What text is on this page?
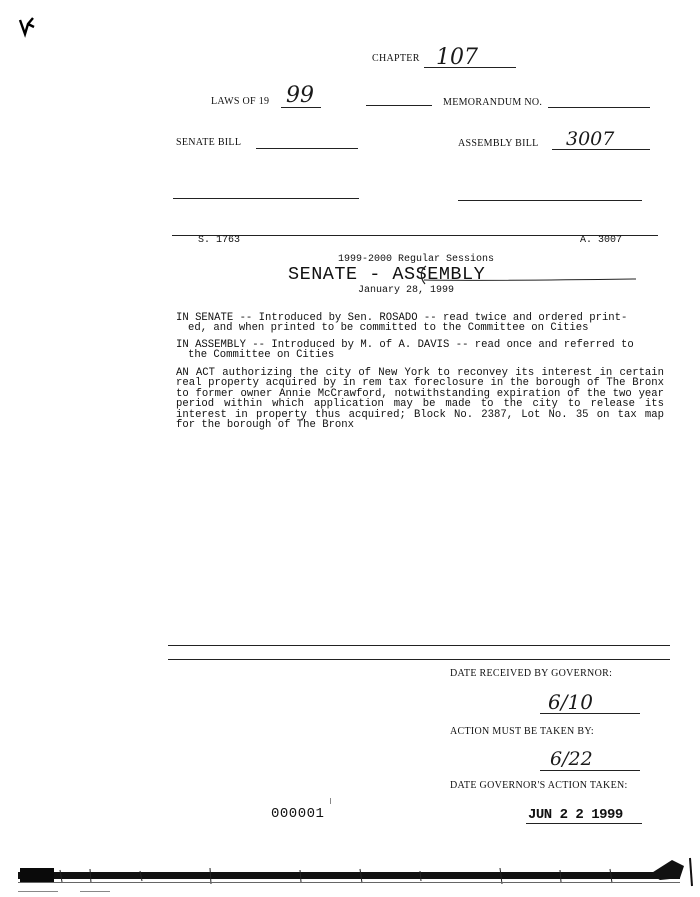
CHAPTER 107
LAWS OF 19 99	MEMORANDUM NO.
SENATE BILL	ASSEMBLY BILL 3007
S. 1763	A. 3007
1999-2000 Regular Sessions
SENATE - ASSEMBLY
January 28, 1999
IN SENATE -- Introduced by Sen. ROSADO -- read twice and ordered print-
ed, and when printed to be committed to the Committee on Cities
IN ASSEMBLY -- Introduced by M. of A. DAVIS -- read once and referred to
the Committee on Cities
AN ACT authorizing the city of New York to reconvey its interest in certain real property acquired by in rem tax foreclosure in the borough of The Bronx to former owner Annie McCrawford, notwithstanding expiration of the two year period within which application may be made to the city to release its interest in property thus acquired; Block No. 2387, Lot No. 35 on tax map for the borough of The Bronx
DATE RECEIVED BY GOVERNOR:
6/10
ACTION MUST BE TAKEN BY:
6/22
DATE GOVERNOR'S ACTION TAKEN:
JUN 2 2 1999
000001
